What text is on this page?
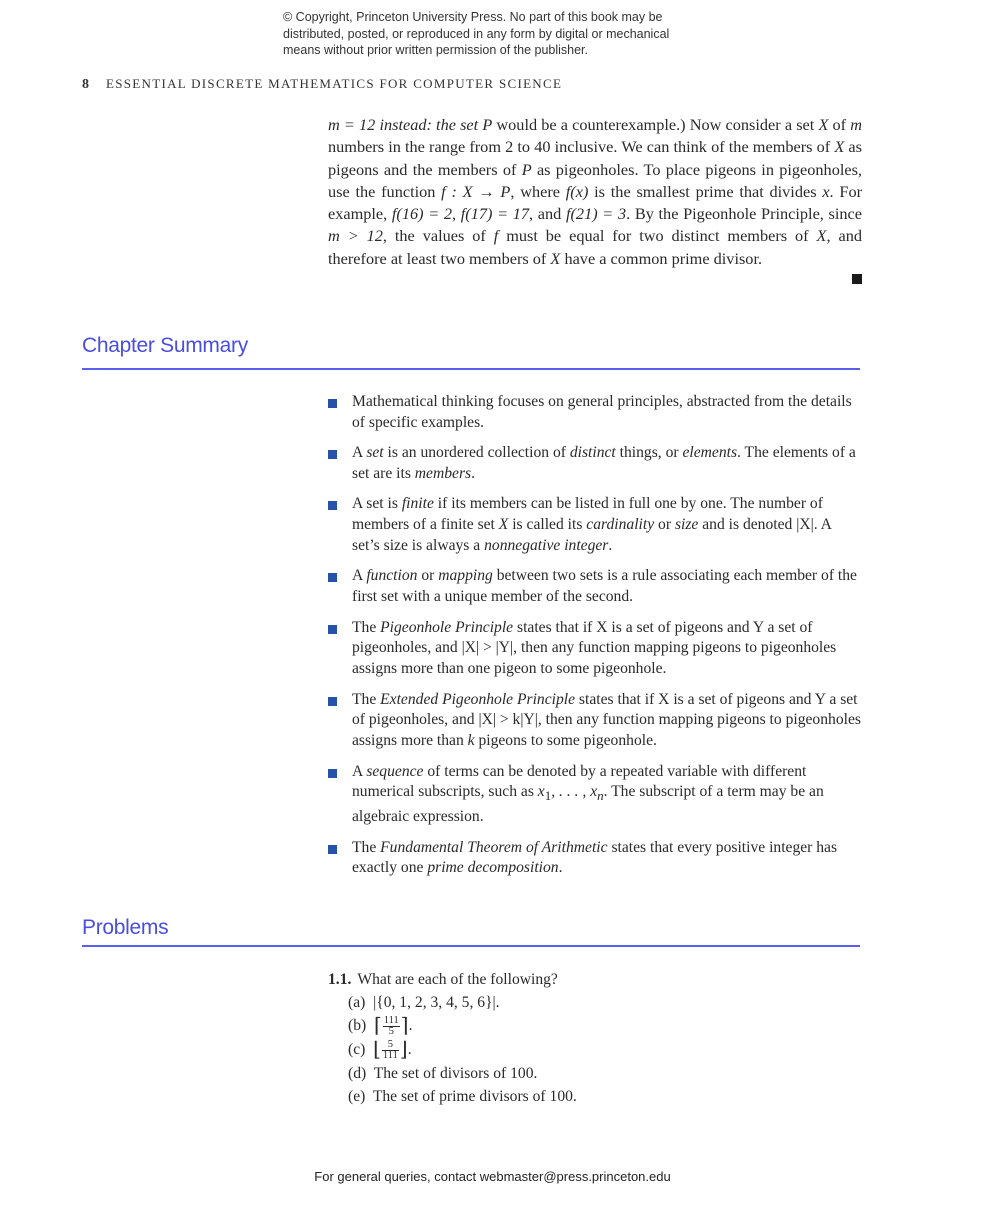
© Copyright, Princeton University Press. No part of this book may be
distributed, posted, or reproduced in any form by digital or mechanical
means without prior written permission of the publisher.
8 ESSENTIAL DISCRETE MATHEMATICS FOR COMPUTER SCIENCE
m = 12 instead: the set P would be a counterexample.) Now consider a set X of m numbers in the range from 2 to 40 inclusive. We can think of the members of X as pigeons and the members of P as pigeonholes. To place pigeons in pigeonholes, use the function f : X → P, where f(x) is the smallest prime that divides x. For example, f(16) = 2, f(17) = 17, and f(21) = 3. By the Pigeonhole Principle, since m > 12, the values of f must be equal for two distinct members of X, and therefore at least two members of X have a common prime divisor.
Chapter Summary
Mathematical thinking focuses on general principles, abstracted from the details of specific examples.
A set is an unordered collection of distinct things, or elements. The elements of a set are its members.
A set is finite if its members can be listed in full one by one. The number of members of a finite set X is called its cardinality or size and is denoted |X|. A set’s size is always a nonnegative integer.
A function or mapping between two sets is a rule associating each member of the first set with a unique member of the second.
The Pigeonhole Principle states that if X is a set of pigeons and Y a set of pigeonholes, and |X| > |Y|, then any function mapping pigeons to pigeonholes assigns more than one pigeon to some pigeonhole.
The Extended Pigeonhole Principle states that if X is a set of pigeons and Y a set of pigeonholes, and |X| > k|Y|, then any function mapping pigeons to pigeonholes assigns more than k pigeons to some pigeonhole.
A sequence of terms can be denoted by a repeated variable with different numerical subscripts, such as $x_1$, . . . , $x_n$. The subscript of a term may be an algebraic expression.
The Fundamental Theorem of Arithmetic states that every positive integer has exactly one prime decomposition.
Problems
1.1. What are each of the following?
(a) |{0, 1, 2, 3, 4, 5, 6}|.
(b) ⌈ $\frac{111}{5}$ ⌉.
(c) ⌊ $\frac{5}{111}$ ⌋.
(d) The set of divisors of 100.
(e) The set of prime divisors of 100.
For general queries, contact webmaster@press.princeton.edu
